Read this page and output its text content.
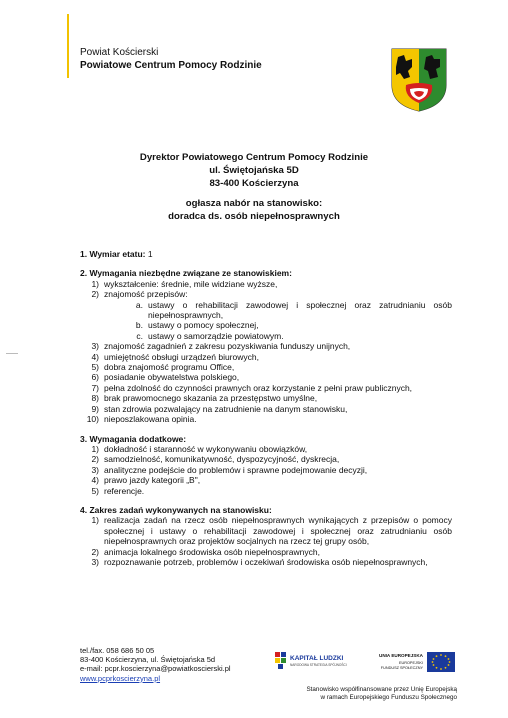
Powiat Kościerski
Powiatowe Centrum Pomocy Rodzinie
Dyrektor Powiatowego Centrum Pomocy Rodzinie
ul. Świętojańska 5D
83-400 Kościerzyna
ogłasza nabór na stanowisko:
doradca ds. osób niepełnosprawnych
1. Wymiar etatu: 1
2. Wymagania niezbędne związane ze stanowiskiem:
1) wykształcenie: średnie, mile widziane wyższe,
2) znajomość przepisów:
a. ustawy o rehabilitacji zawodowej i społecznej oraz zatrudnianiu osób niepełnosprawnych,
b. ustawy o pomocy społecznej,
c. ustawy o samorządzie powiatowym.
3) znajomość zagadnień z zakresu pozyskiwania funduszy unijnych,
4) umiejętność obsługi urządzeń biurowych,
5) dobra znajomość programu Office,
6) posiadanie obywatelstwa polskiego,
7) pełna zdolność do czynności prawnych oraz korzystanie z pełni praw publicznych,
8) brak prawomocnego skazania za przestępstwo umyślne,
9) stan zdrowia pozwalający na zatrudnienie na danym stanowisku,
10) nieposzlakowana opinia.
3. Wymagania dodatkowe:
1) dokładność i staranność w wykonywaniu obowiązków,
2) samodzielność, komunikatywność, dyspozycyjność, dyskrecja,
3) analityczne podejście do problemów i sprawne podejmowanie decyzji,
4) prawo jazdy kategorii „B",
5) referencje.
4. Zakres zadań wykonywanych na stanowisku:
1) realizacja zadań na rzecz osób niepełnosprawnych wynikających z przepisów o pomocy społecznej i ustawy o rehabilitacji zawodowej i społecznej oraz zatrudnianiu osób niepełnosprawnych oraz projektów socjalnych na rzecz tej grupy osób,
2) animacja lokalnego środowiska osób niepełnosprawnych,
3) rozpoznawanie potrzeb, problemów i oczekiwań środowiska osób niepełnosprawnych,
tel./fax. 058 686 50 05
83-400 Kościerzyna, ul. Świętojańska 5d
e-mail: pcpr.koscierzyna@powiatkoscierski.pl
www.pcprkoscierzyna.pl
KAPITAŁ LUDZKI
NARODOWA STRATEGIA SPÓJNOŚCI
UNIA EUROPEJSKA
EUROPEJSKI
FUNDUSZ SPOŁECZNY
Stanowisko współfinansowane przez Unię Europejską
w ramach Europejskiego Funduszu Społecznego
